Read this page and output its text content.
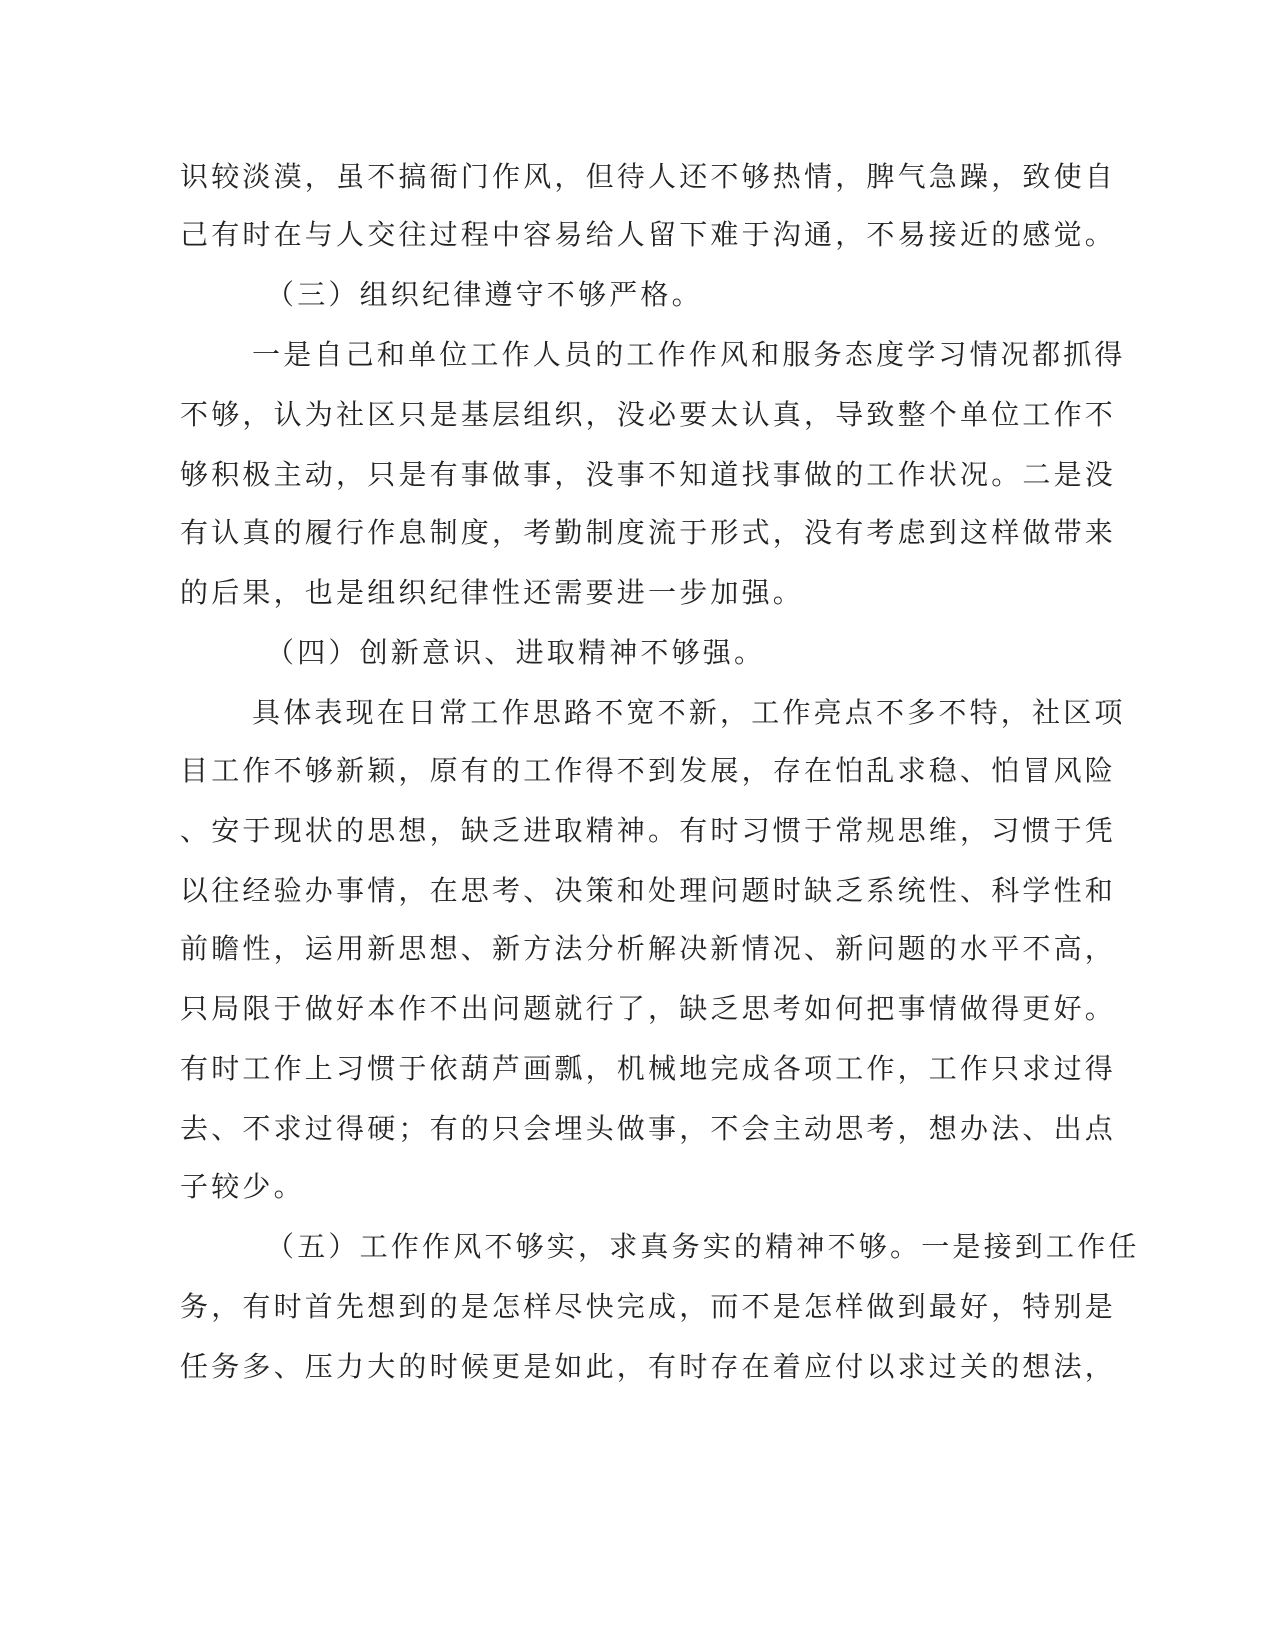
识较淡漠，虽不搞衙门作风，但待人还不够热情，脾气急躁，致使自
己有时在与人交往过程中容易给人留下难于沟通，不易接近的感觉。
（三）组织纪律遵守不够严格。
一是自己和单位工作人员的工作作风和服务态度学习情况都抓得
不够，认为社区只是基层组织，没必要太认真，导致整个单位工作不
够积极主动，只是有事做事，没事不知道找事做的工作状况。二是没
有认真的履行作息制度，考勤制度流于形式，没有考虑到这样做带来
的后果，也是组织纪律性还需要进一步加强。
（四）创新意识、进取精神不够强。
具体表现在日常工作思路不宽不新，工作亮点不多不特，社区项
目工作不够新颖，原有的工作得不到发展，存在怕乱求稳、怕冒风险
、安于现状的思想，缺乏进取精神。有时习惯于常规思维，习惯于凭
以往经验办事情，在思考、决策和处理问题时缺乏系统性、科学性和
前瞻性，运用新思想、新方法分析解决新情况、新问题的水平不高，
只局限于做好本作不出问题就行了，缺乏思考如何把事情做得更好。
有时工作上习惯于依葫芦画瓢，机械地完成各项工作，工作只求过得
去、不求过得硬；有的只会埋头做事，不会主动思考，想办法、出点
子较少。
（五）工作作风不够实，求真务实的精神不够。一是接到工作任
务，有时首先想到的是怎样尽快完成，而不是怎样做到最好，特别是
任务多、压力大的时候更是如此，有时存在着应付以求过关的想法，
